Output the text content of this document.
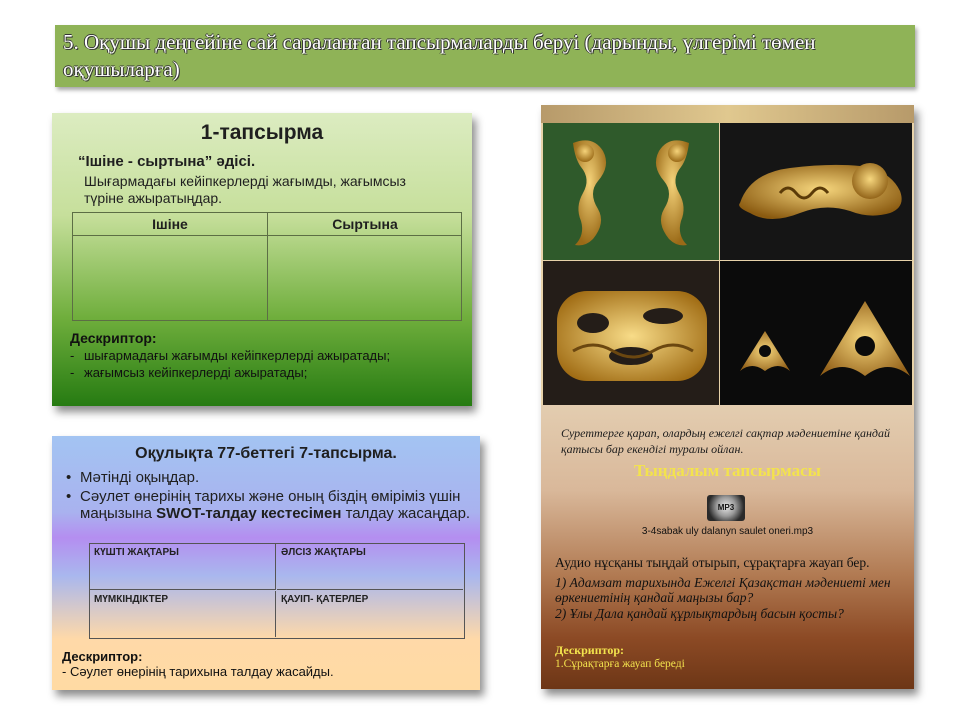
5. Оқушы деңгейіне сай сараланған тапсырмаларды беруі (дарынды, үлгерімі төмен оқушыларға)
1-тапсырма
“Ішіне - сыртына” әдісі.
Шығармадағы кейіпкерлерді жағымды, жағымсыз түріне ажыратыңдар.
Ішіне	Сыртына
Дескриптор:
- шығармадағы жағымды кейіпкерлерді ажыратады;
- жағымсыз кейіпкерлерді ажыратады;
Оқулықта 77-беттегі 7-тапсырма.
• Мәтінді оқыңдар.
• Сәулет өнерінің тарихы және оның біздің өміріміз үшін маңызына SWOT-талдау кестесімен талдау жасаңдар.
КҮШТІ ЖАҚТАРЫ	ӘЛСІЗ ЖАҚТАРЫ
МҮМКІНДІКТЕР	ҚАУІП- ҚАТЕРЛЕР
Дескриптор:
- Сәулет өнерінің тарихына талдау жасайды.
Суреттерге қарап, олардың ежелгі сақтар мәдениетіне қандай қатысы бар екендігі туралы ойлан.
Тыңдалым тапсырмасы
MP3
3-4sabak uly dalanyn saulet oneri.mp3
Аудио нұсқаны тыңдай отырып, сұрақтарға жауап бер.
1) Адамзат тарихында Ежелгі Қазақстан мәдениеті мен өркениетінің қандай маңызы бар?
2) Ұлы Дала қандай құрлықтардың басын қосты?
Дескриптор:
1.Сұрақтарға жауап береді
